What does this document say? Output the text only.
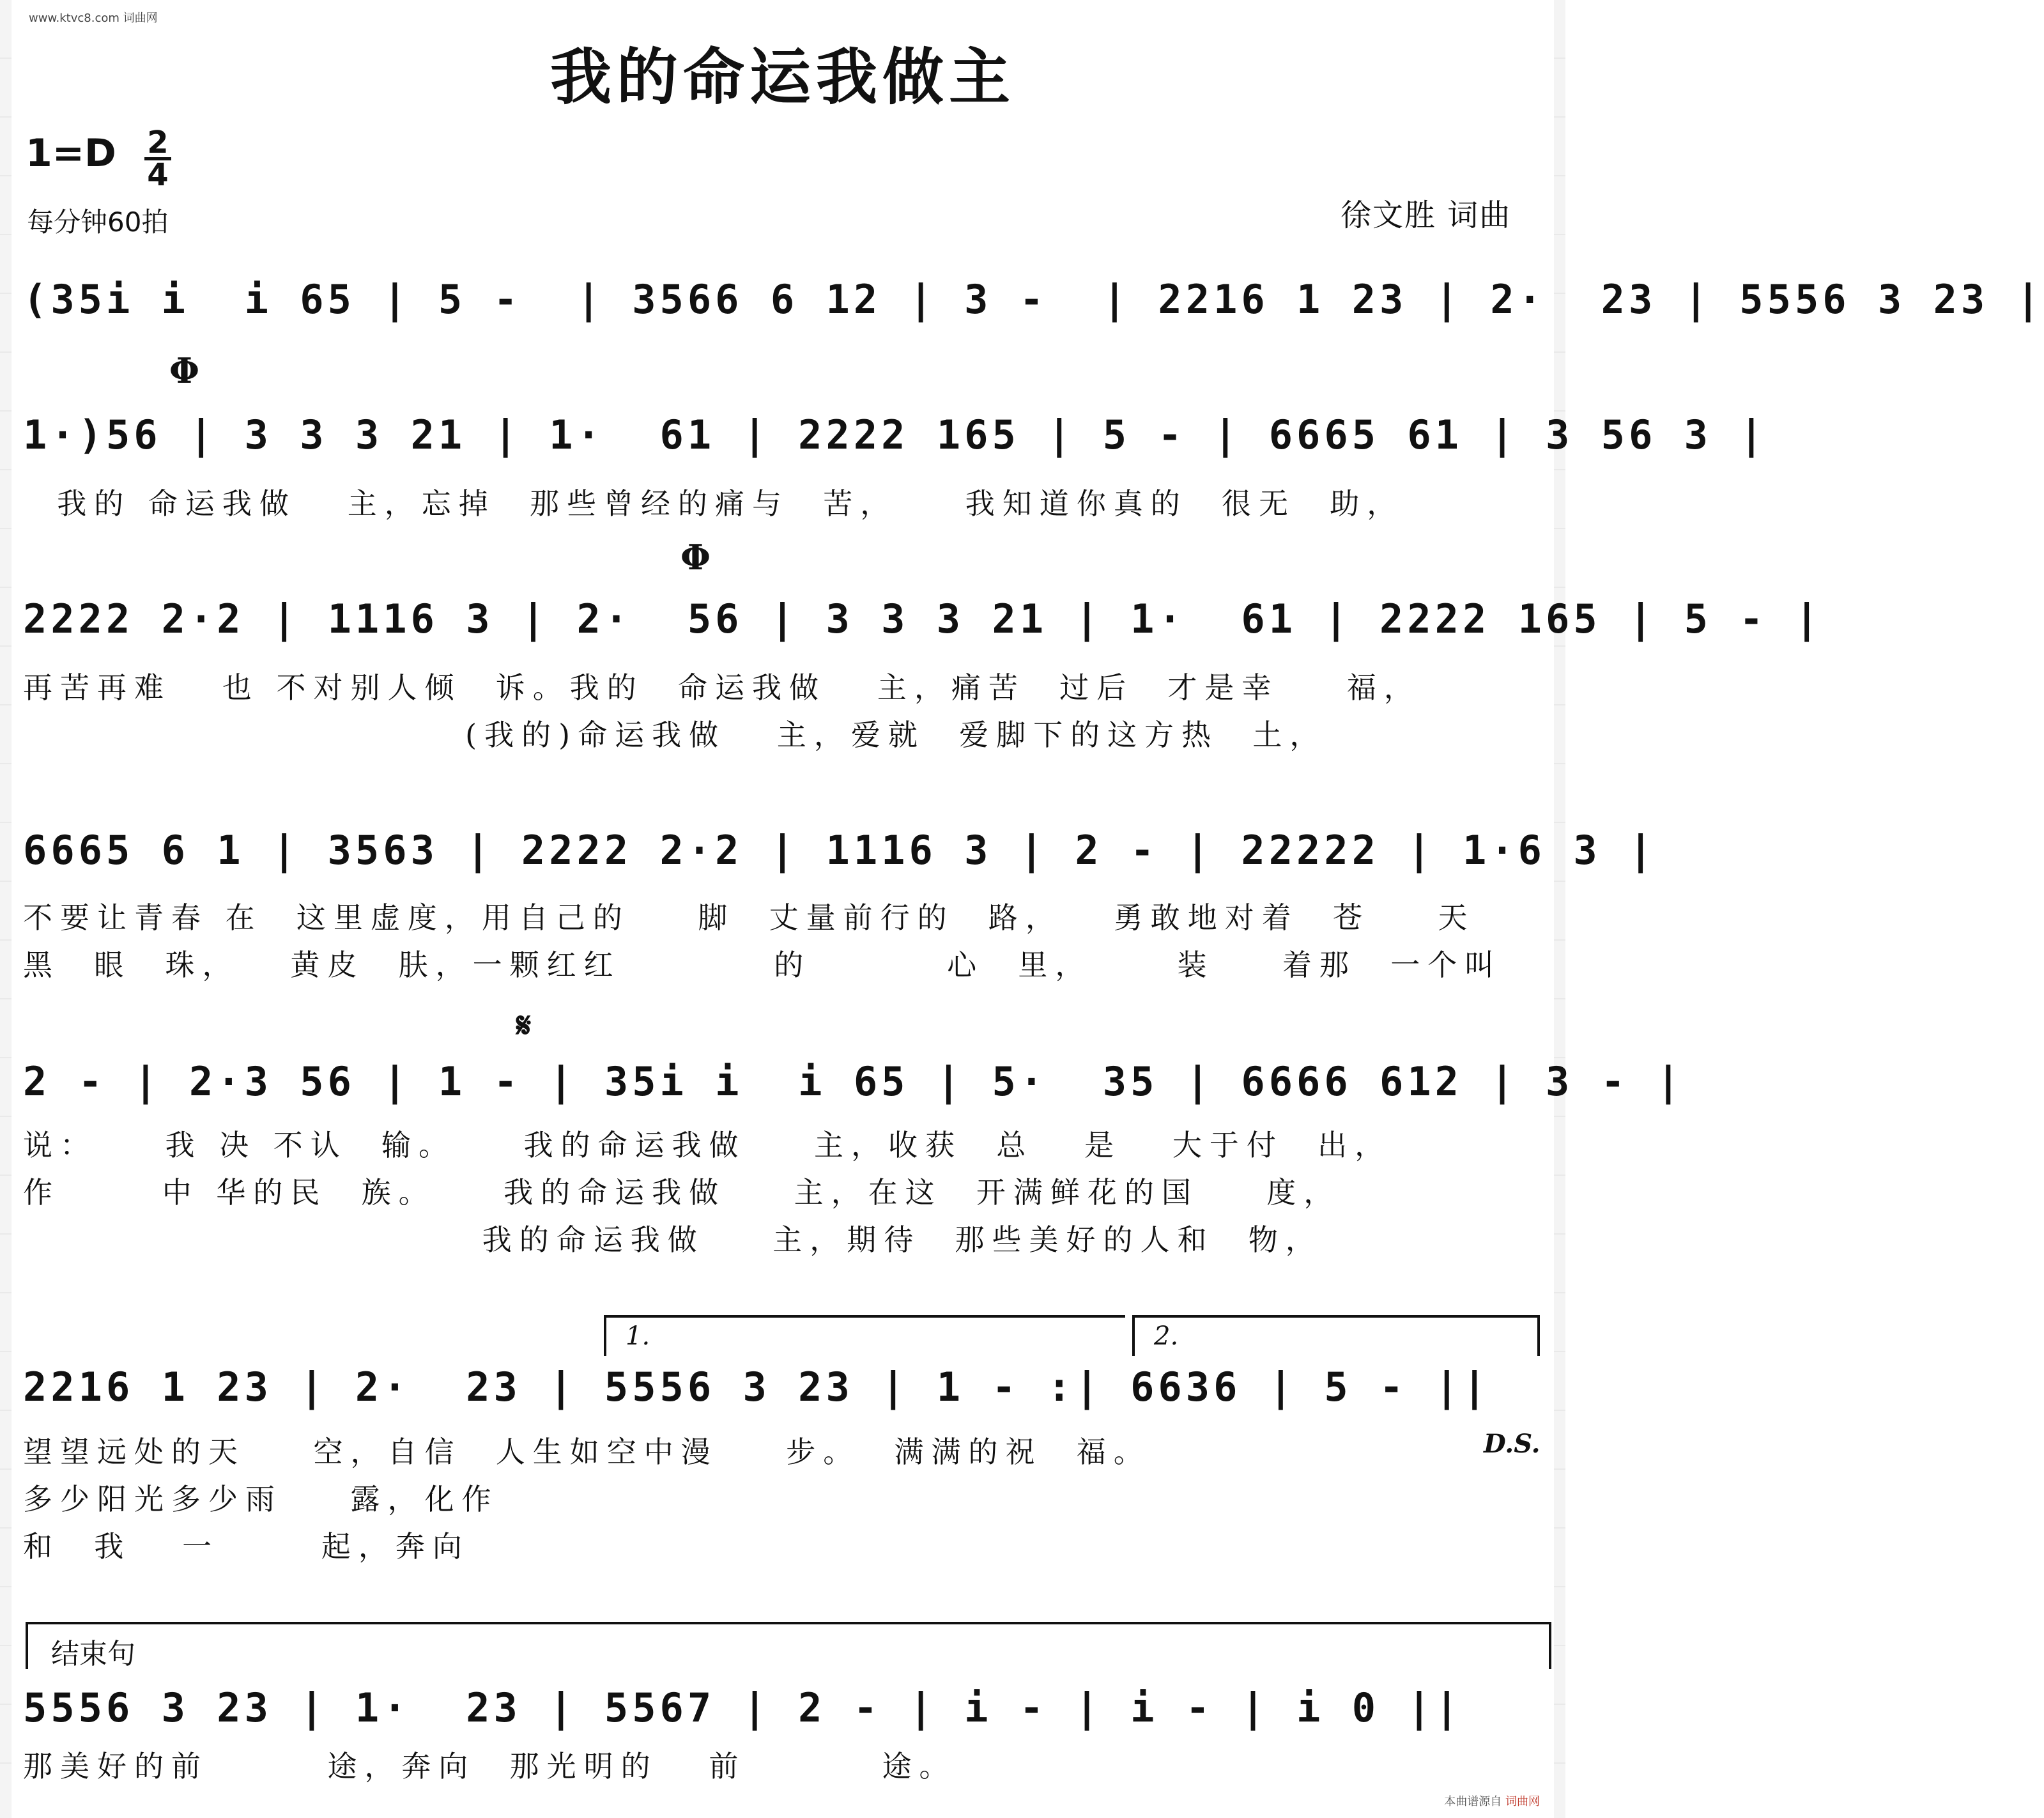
www.ktvc8.com 词曲网
我的命运我做主
1=D 2
4
每分钟60拍	徐文胜 词曲
(35i i  i 65 | 5 -  | 3566 6 12 | 3 -  | 2216 1 23 | 2·  23 | 5556 3 23 |
Φ
1·)56 | 3 3 3 21 | 1·  61 | 2222 165 | 5 - | 6665 61 | 3 56 3 |
我的 命运我做   主，忘掉  那些曾经的痛与  苦，    我知道你真的  很无  助，
Φ
2222 2·2 | 1116 3 | 2·  56 | 3 3 3 21 | 1·  61 | 2222 165 | 5 - |
再苦再难   也 不对别人倾  诉。我的  命运我做   主，痛苦  过后  才是幸    福，
(我的)命运我做   主，爱就  爱脚下的这方热  土，
6665 6 1 | 3563 | 2222 2·2 | 1116 3 | 2 - | 22222 | 1·6 3 |
不要让青春 在  这里虚度，用自己的    脚  丈量前行的  路，   勇敢地对着  苍    天
黑  眼  珠，   黄皮  肤，一颗红红         的        心  里，     装    着那  一个叫
𝄋
2 - | 2·3 56 | 1 - | 35i i  i 65 | 5·  35 | 6666 612 | 3 - |
说：    我 决 不认  输。    我的命运我做    主，收获  总   是   大于付  出，
作      中 华的民  族。    我的命运我做    主，在这  开满鲜花的国    度，
我的命运我做    主，期待  那些美好的人和  物，
1.	2.
2216 1 23 | 2·  23 | 5556 3 23 | 1 - :| 6636 | 5 - ||
望望远处的天    空，自信  人生如空中漫    步。  满满的祝  福。
多少阳光多少雨    露，化作
和  我   一      起，奔向
D.S.
结束句
5556 3 23 | 1·  23 | 5567 | 2 - | i - | i - | i 0 ||
那美好的前       途，奔向  那光明的   前        途。
本曲谱源自 词曲网
